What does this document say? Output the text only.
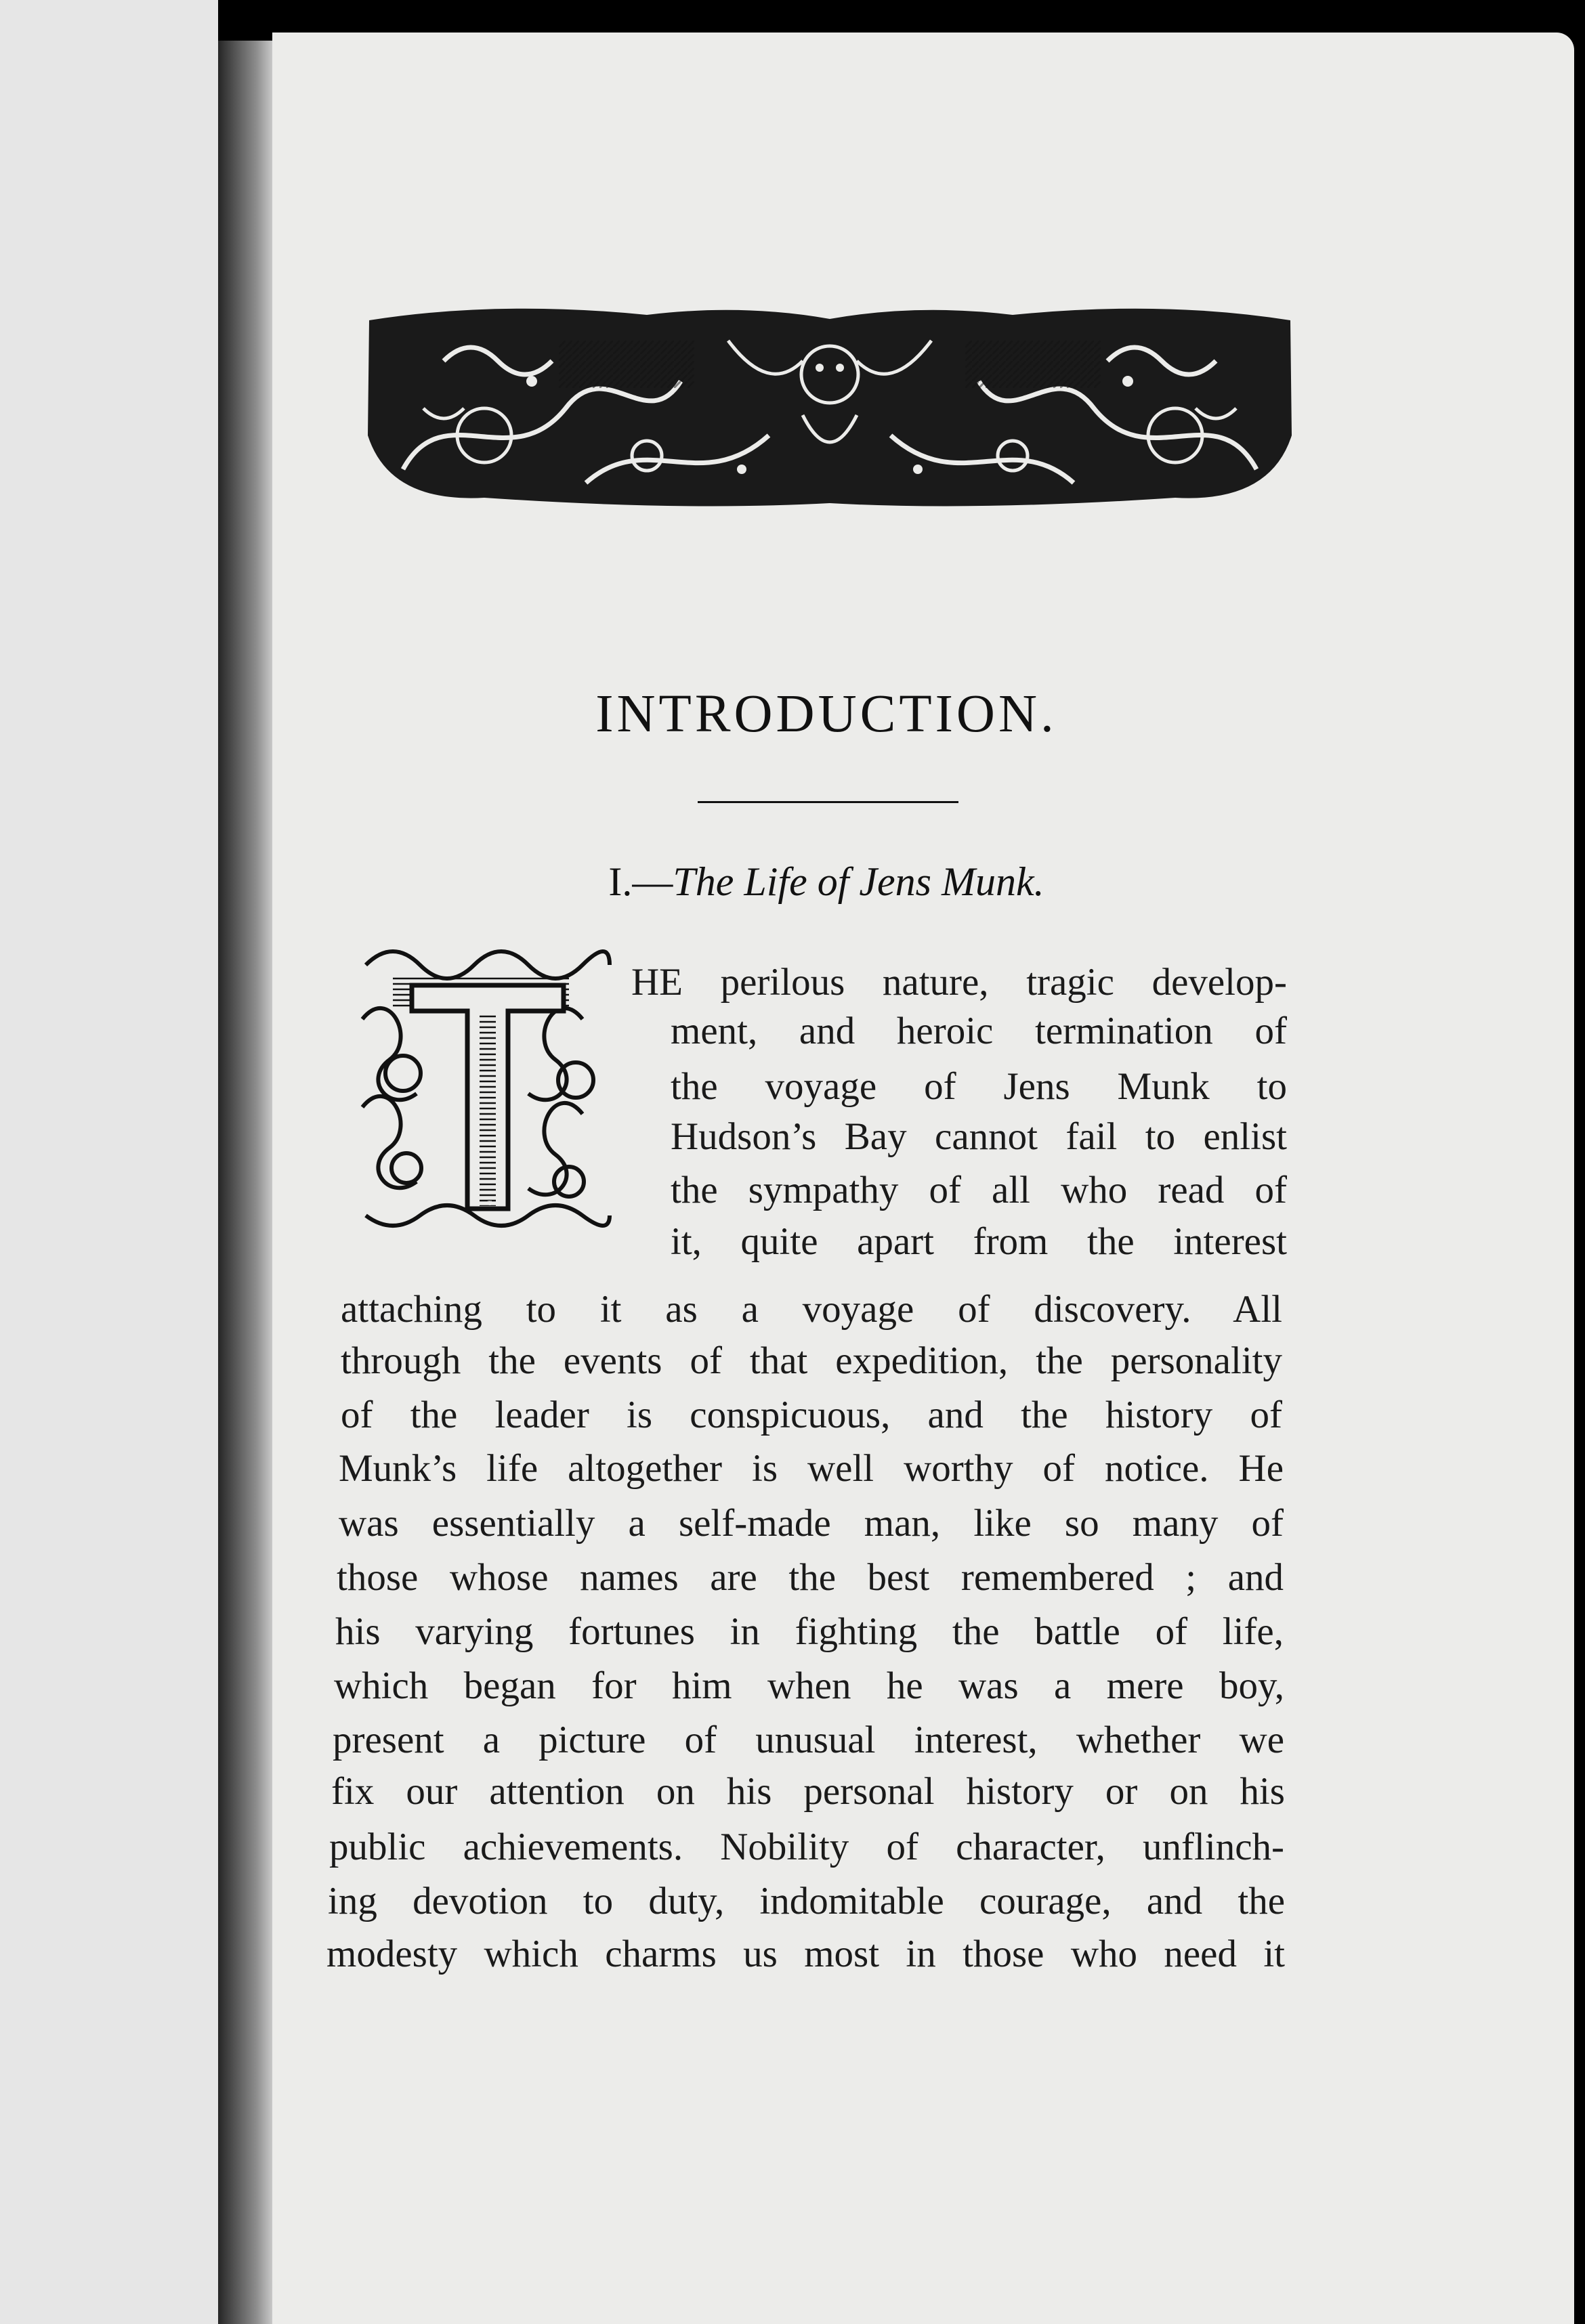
INTRODUCTION.
I.—The Life of Jens Munk.
T
HE perilous nature, tragic develop-
ment, and heroic termination of
the voyage of Jens Munk to
Hudson’s Bay cannot fail to enlist
the sympathy of all who read of
it, quite apart from the interest
attaching to it as a voyage of discovery. All
through the events of that expedition, the personality
of the leader is conspicuous, and the history of
Munk’s life altogether is well worthy of notice. He
was essentially a self-made man, like so many of
those whose names are the best remembered ; and
his varying fortunes in fighting the battle of life,
which began for him when he was a mere boy,
present a picture of unusual interest, whether we
fix our attention on his personal history or on his
public achievements. Nobility of character, unflinch-
ing devotion to duty, indomitable courage, and the
modesty which charms us most in those who need it
